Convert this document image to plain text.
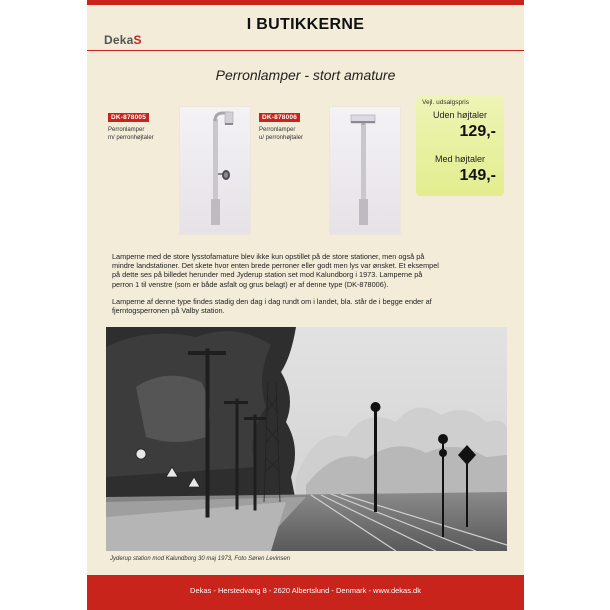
I BUTIKKERNE
DekaS
Perronlamper - stort amature
DK-878005
Perronlamper
m/ perronhøjtaler
DK-878006
Perronlamper
u/ perronhøjtaler
Vejl. udsalgspris
Uden højtaler
129,-
Med højtaler
149,-
Lamperne med de store lysstofamature blev ikke kun opstillet på de store stationer, men også på
mindre landstationer. Det skete hvor enten brede perroner eller godt men lys var ønsket. Et eksempel
på dette ses på billedet herunder med Jyderup station set mod Kalundborg i 1973. Lamperne på
perron 1 til venstre (som er både asfalt og grus belagt) er af denne type (DK-878006).
Lamperne af denne type findes stadig den dag i dag rundt om i landet, bla. står de i begge ender af
fjerntogsperronen på Valby station.
Jyderup station mod Kalundborg 30 maj 1973, Foto Søren Levinsen
Dekas - Herstedvang 8 - 2620 Albertslund - Denmark - www.dekas.dk
